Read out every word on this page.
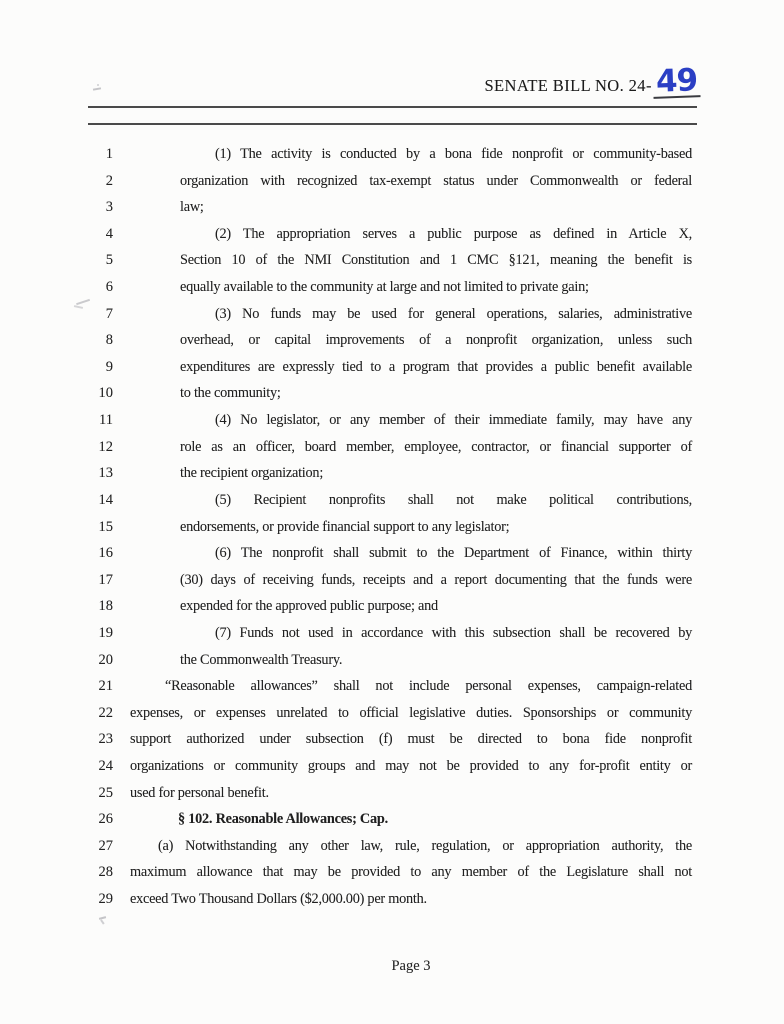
SENATE BILL NO. 24- 49
1	(1) The activity is conducted by a bona fide nonprofit or community-based
2	organization with recognized tax-exempt status under Commonwealth or federal
3	law;
4	(2) The appropriation serves a public purpose as defined in Article X,
5	Section 10 of the NMI Constitution and 1 CMC §121, meaning the benefit is
6	equally available to the community at large and not limited to private gain;
7	(3) No funds may be used for general operations, salaries, administrative
8	overhead, or capital improvements of a nonprofit organization, unless such
9	expenditures are expressly tied to a program that provides a public benefit available
10	to the community;
11	(4) No legislator, or any member of their immediate family, may have any
12	role as an officer, board member, employee, contractor, or financial supporter of
13	the recipient organization;
14	(5) Recipient nonprofits shall not make political contributions,
15	endorsements, or provide financial support to any legislator;
16	(6) The nonprofit shall submit to the Department of Finance, within thirty
17	(30) days of receiving funds, receipts and a report documenting that the funds were
18	expended for the approved public purpose; and
19	(7) Funds not used in accordance with this subsection shall be recovered by
20	the Commonwealth Treasury.
21	“Reasonable allowances” shall not include personal expenses, campaign-related
22 expenses, or expenses unrelated to official legislative duties. Sponsorships or community
23 support authorized under subsection (f) must be directed to bona fide nonprofit
24 organizations or community groups and may not be provided to any for-profit entity or
25 used for personal benefit.
26	§ 102. Reasonable Allowances; Cap.
27	(a) Notwithstanding any other law, rule, regulation, or appropriation authority, the
28 maximum allowance that may be provided to any member of the Legislature shall not
29 exceed Two Thousand Dollars ($2,000.00) per month.
Page 3
